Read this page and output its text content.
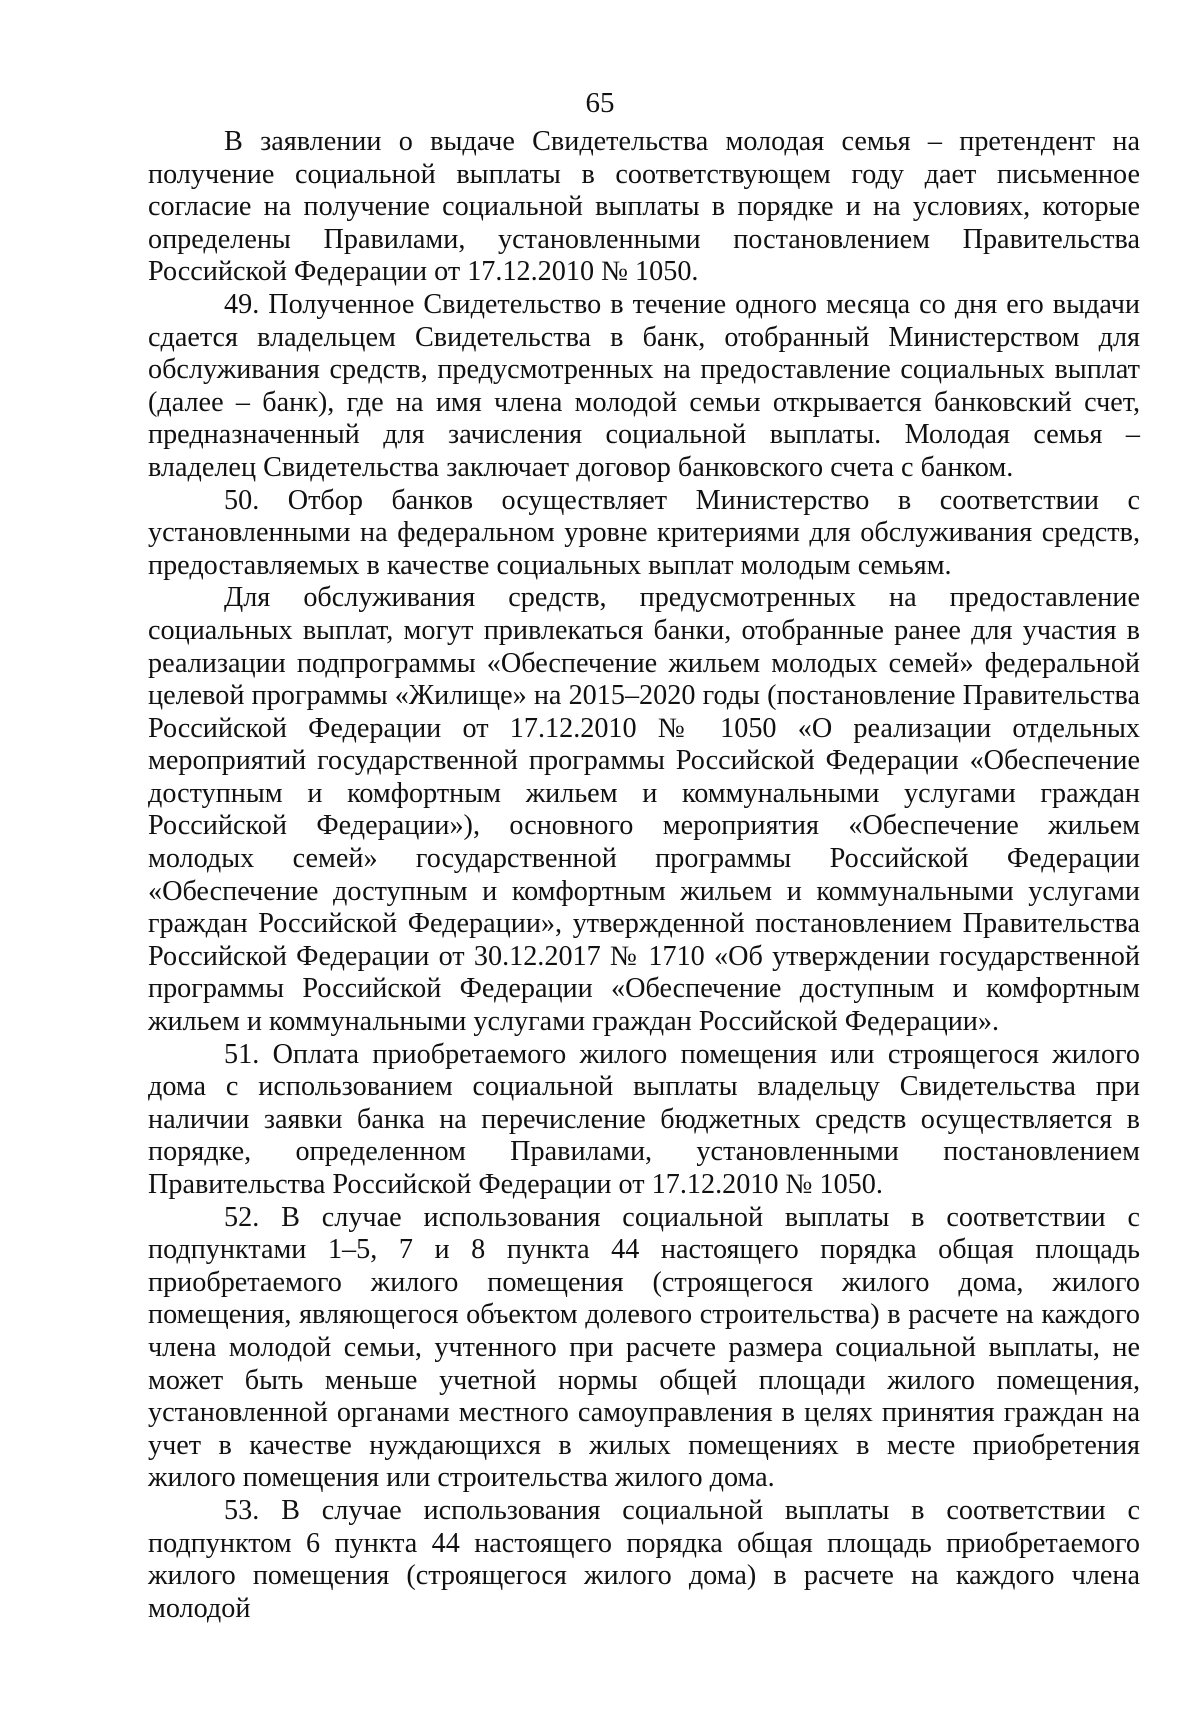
65

В заявлении о выдаче Свидетельства молодая семья – претендент на получение социальной выплаты в соответствующем году дает письменное согласие на получение социальной выплаты в порядке и на условиях, которые определены Правилами, установленными постановлением Правительства Российской Федерации от 17.12.2010 № 1050.

49. Полученное Свидетельство в течение одного месяца со дня его выдачи сдается владельцем Свидетельства в банк, отобранный Министерством для обслуживания средств, предусмотренных на предоставление социальных выплат (далее – банк), где на имя члена молодой семьи открывается банковский счет, предназначенный для зачисления социальной выплаты. Молодая семья – владелец Свидетельства заключает договор банковского счета с банком.

50. Отбор банков осуществляет Министерство в соответствии с установленными на федеральном уровне критериями для обслуживания средств, предоставляемых в качестве социальных выплат молодым семьям.

Для обслуживания средств, предусмотренных на предоставление социальных выплат, могут привлекаться банки, отобранные ранее для участия в реализации подпрограммы «Обеспечение жильем молодых семей» федеральной целевой программы «Жилище» на 2015–2020 годы (постановление Правительства Российской Федерации от 17.12.2010 № 1050 «О реализации отдельных мероприятий государственной программы Российской Федерации «Обеспечение доступным и комфортным жильем и коммунальными услугами граждан Российской Федерации»), основного мероприятия «Обеспечение жильем молодых семей» государственной программы Российской Федерации «Обеспечение доступным и комфортным жильем и коммунальными услугами граждан Российской Федерации», утвержденной постановлением Правительства Российской Федерации от 30.12.2017 № 1710 «Об утверждении государственной программы Российской Федерации «Обеспечение доступным и комфортным жильем и коммунальными услугами граждан Российской Федерации».

51. Оплата приобретаемого жилого помещения или строящегося жилого дома с использованием социальной выплаты владельцу Свидетельства при наличии заявки банка на перечисление бюджетных средств осуществляется в порядке, определенном Правилами, установленными постановлением Правительства Российской Федерации от 17.12.2010 № 1050.

52. В случае использования социальной выплаты в соответствии с подпунктами 1–5, 7 и 8 пункта 44 настоящего порядка общая площадь приобретаемого жилого помещения (строящегося жилого дома, жилого помещения, являющегося объектом долевого строительства) в расчете на каждого члена молодой семьи, учтенного при расчете размера социальной выплаты, не может быть меньше учетной нормы общей площади жилого помещения, установленной органами местного самоуправления в целях принятия граждан на учет в качестве нуждающихся в жилых помещениях в месте приобретения жилого помещения или строительства жилого дома.

53. В случае использования социальной выплаты в соответствии с подпунктом 6 пункта 44 настоящего порядка общая площадь приобретаемого жилого помещения (строящегося жилого дома) в расчете на каждого члена молодой
